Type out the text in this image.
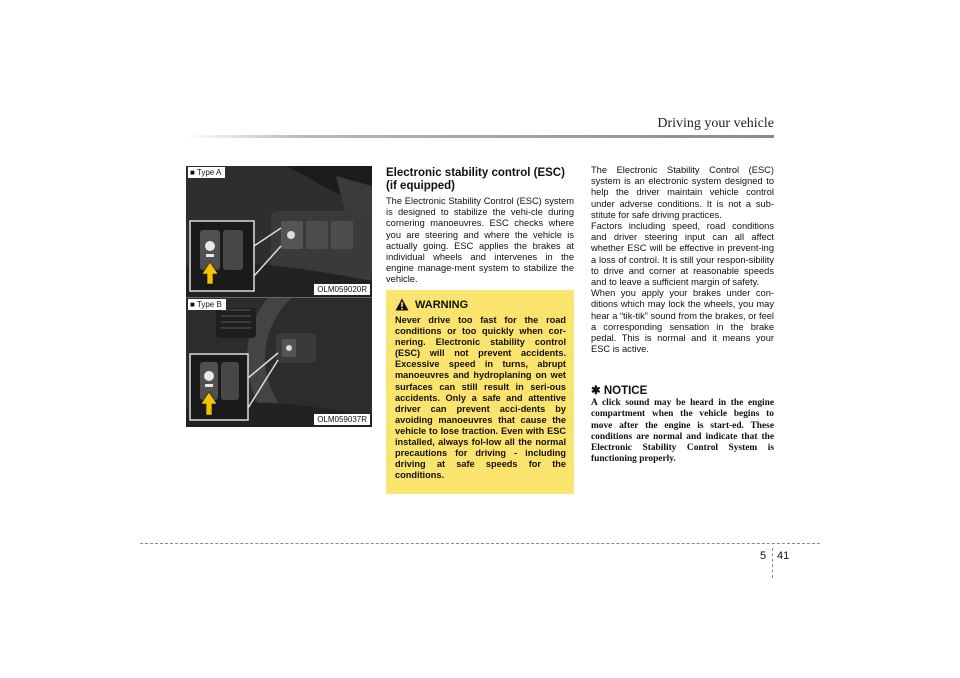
Driving your vehicle
■ Type A
OLM059020R
■ Type B
OLM059037R
Electronic stability control (ESC) (if equipped)
The Electronic Stability Control (ESC) system is designed to stabilize the vehi-cle during cornering manoeuvres. ESC checks where you are steering and where the vehicle is actually going. ESC applies the brakes at individual wheels and intervenes in the engine manage-ment system to stabilize the vehicle.
WARNING
Never drive too fast for the road conditions or too quickly when cor-nering. Electronic stability control (ESC) will not prevent accidents. Excessive speed in turns, abrupt manoeuvres and hydroplaning on wet surfaces can still result in seri-ous accidents. Only a safe and attentive driver can prevent acci-dents by avoiding manoeuvres that cause the vehicle to lose traction. Even with ESC installed, always fol-low all the normal precautions for driving - including driving at safe speeds for the conditions.

The Electronic Stability Control (ESC) system is an electronic system designed to help the driver maintain vehicle control under adverse conditions. It is not a sub-stitute for safe driving practices.

Factors including speed, road conditions and driver steering input can all affect whether ESC will be effective in prevent-ing a loss of control. It is still your respon-sibility to drive and corner at reasonable speeds and to leave a sufficient margin of safety.

When you apply your brakes under con-ditions which may lock the wheels, you may hear a “tik-tik” sound from the brakes, or feel a corresponding sensation in the brake pedal. This is normal and it means your ESC is active.

✱ NOTICE
A click sound may be heard in the engine compartment when the vehicle begins to move after the engine is start-ed. These conditions are normal and indicate that the Electronic Stability Control System is functioning properly.
5 41
